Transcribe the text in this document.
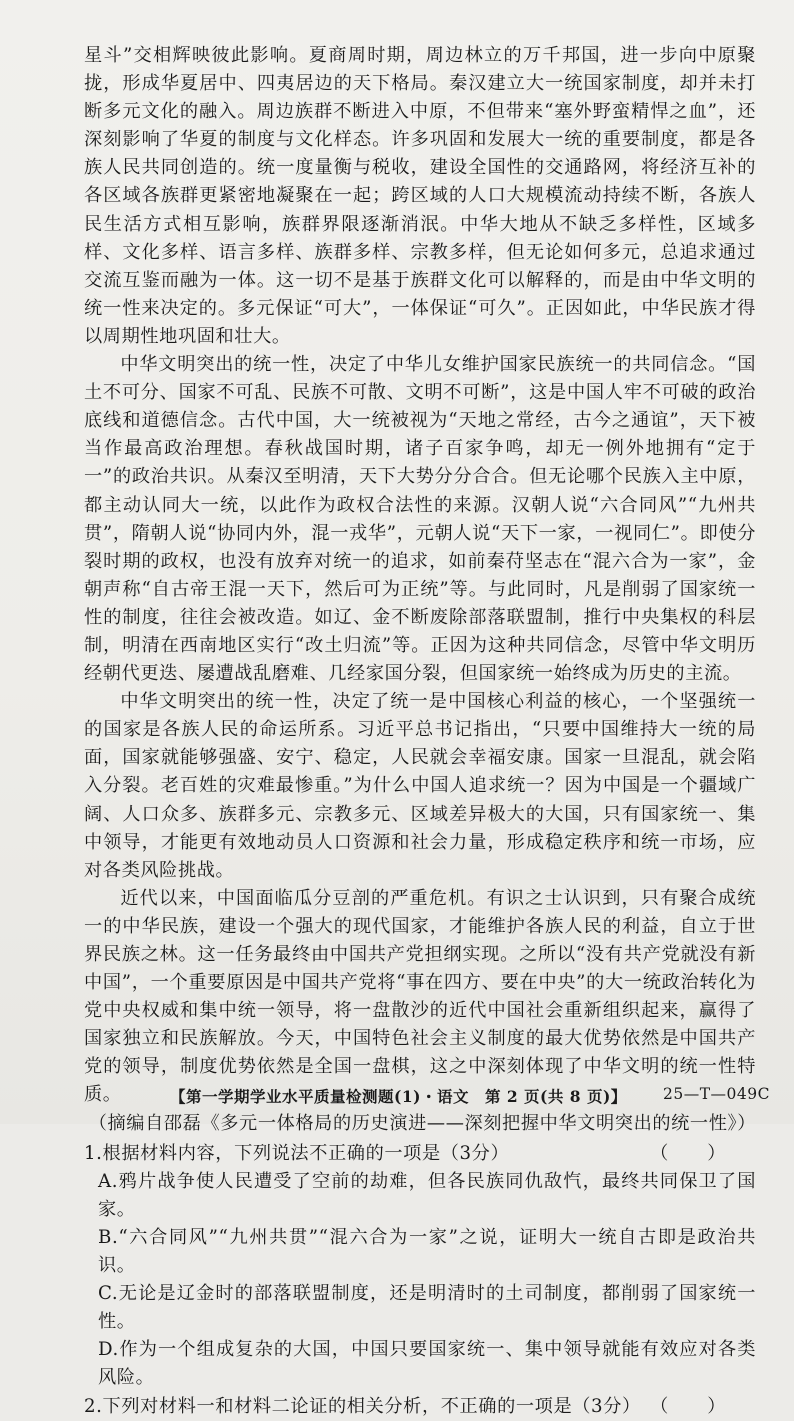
星斗”交相辉映彼此影响。夏商周时期，周边林立的万千邦国，进一步向中原聚拢，形成华夏居中、四夷居边的天下格局。秦汉建立大一统国家制度，却并未打断多元文化的融入。周边族群不断进入中原，不但带来“塞外野蛮精悍之血”，还深刻影响了华夏的制度与文化样态。许多巩固和发展大一统的重要制度，都是各族人民共同创造的。统一度量衡与税收，建设全国性的交通路网，将经济互补的各区域各族群更紧密地凝聚在一起；跨区域的人口大规模流动持续不断，各族人民生活方式相互影响，族群界限逐渐消泯。中华大地从不缺乏多样性，区域多样、文化多样、语言多样、族群多样、宗教多样，但无论如何多元，总追求通过交流互鉴而融为一体。这一切不是基于族群文化可以解释的，而是由中华文明的统一性来决定的。多元保证“可大”，一体保证“可久”。正因如此，中华民族才得以周期性地巩固和壮大。

中华文明突出的统一性，决定了中华儿女维护国家民族统一的共同信念。“国土不可分、国家不可乱、民族不可散、文明不可断”，这是中国人牢不可破的政治底线和道德信念。古代中国，大一统被视为“天地之常经，古今之通谊”，天下被当作最高政治理想。春秋战国时期，诸子百家争鸣，却无一例外地拥有“定于一”的政治共识。从秦汉至明清，天下大势分分合合。但无论哪个民族入主中原，都主动认同大一统，以此作为政权合法性的来源。汉朝人说“六合同风”“九州共贯”，隋朝人说“协同内外，混一戎华”，元朝人说“天下一家，一视同仁”。即使分裂时期的政权，也没有放弃对统一的追求，如前秦苻坚志在“混六合为一家”，金朝声称“自古帝王混一天下，然后可为正统”等。与此同时，凡是削弱了国家统一性的制度，往往会被改造。如辽、金不断废除部落联盟制，推行中央集权的科层制，明清在西南地区实行“改土归流”等。正因为这种共同信念，尽管中华文明历经朝代更迭、屡遭战乱磨难、几经家国分裂，但国家统一始终成为历史的主流。

中华文明突出的统一性，决定了统一是中国核心利益的核心，一个坚强统一的国家是各族人民的命运所系。习近平总书记指出，“只要中国维持大一统的局面，国家就能够强盛、安宁、稳定，人民就会幸福安康。国家一旦混乱，就会陷入分裂。老百姓的灾难最惨重。”为什么中国人追求统一？因为中国是一个疆域广阔、人口众多、族群多元、宗教多元、区域差异极大的大国，只有国家统一、集中领导，才能更有效地动员人口资源和社会力量，形成稳定秩序和统一市场，应对各类风险挑战。

近代以来，中国面临瓜分豆剖的严重危机。有识之士认识到，只有聚合成统一的中华民族，建设一个强大的现代国家，才能维护各族人民的利益，自立于世界民族之林。这一任务最终由中国共产党担纲实现。之所以“没有共产党就没有新中国”，一个重要原因是中国共产党将“事在四方、要在中央”的大一统政治转化为党中央权威和集中统一领导，将一盘散沙的近代中国社会重新组织起来，赢得了国家独立和民族解放。今天，中国特色社会主义制度的最大优势依然是中国共产党的领导，制度优势依然是全国一盘棋，这之中深刻体现了中华文明的统一性特质。

（摘编自邵磊《多元一体格局的历史演进——深刻把握中华文明突出的统一性》）

1.根据材料内容，下列说法不正确的一项是（3分）	（      ）

A.鸦片战争使人民遭受了空前的劫难，但各民族同仇敌忾，最终共同保卫了国家。

B.“六合同风”“九州共贯”“混六合为一家”之说，证明大一统自古即是政治共识。

C.无论是辽金时的部落联盟制度，还是明清时的土司制度，都削弱了国家统一性。

D.作为一个组成复杂的大国，中国只要国家统一、集中领导就能有效应对各类风险。

2.下列对材料一和材料二论证的相关分析，不正确的一项是（3分） （      ）
【第一学期学业水平质量检测题(1)・语文　第 2 页(共 8 页)】 25—T—049C
